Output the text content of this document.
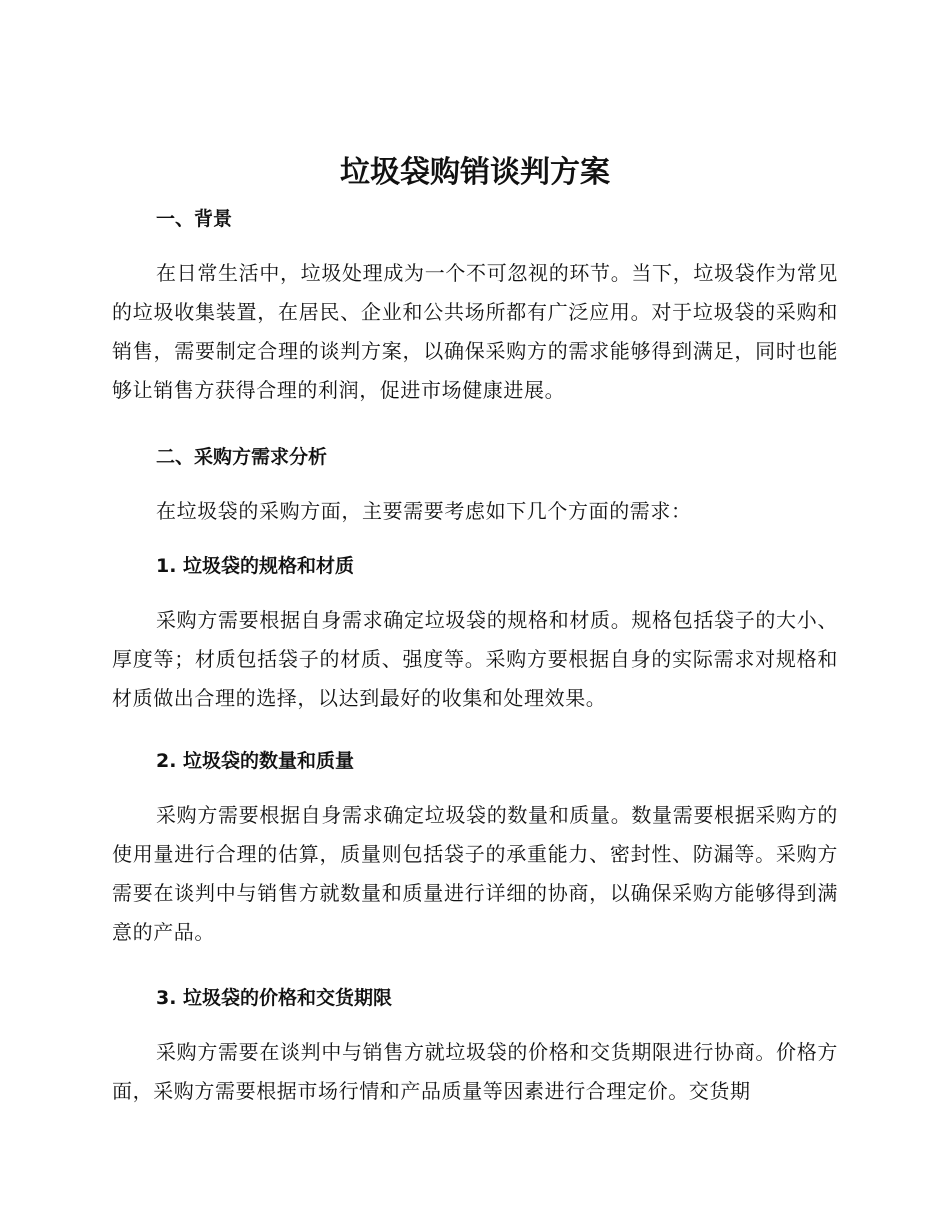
垃圾袋购销谈判方案
一、背景

在日常生活中，垃圾处理成为一个不可忽视的环节。当下，垃圾袋作为常见的垃圾收集装置，在居民、企业和公共场所都有广泛应用。对于垃圾袋的采购和销售，需要制定合理的谈判方案，以确保采购方的需求能够得到满足，同时也能够让销售方获得合理的利润，促进市场健康进展。

二、采购方需求分析

在垃圾袋的采购方面，主要需要考虑如下几个方面的需求：

1. 垃圾袋的规格和材质

采购方需要根据自身需求确定垃圾袋的规格和材质。规格包括袋子的大小、厚度等；材质包括袋子的材质、强度等。采购方要根据自身的实际需求对规格和材质做出合理的选择，以达到最好的收集和处理效果。

2. 垃圾袋的数量和质量

采购方需要根据自身需求确定垃圾袋的数量和质量。数量需要根据采购方的使用量进行合理的估算，质量则包括袋子的承重能力、密封性、防漏等。采购方需要在谈判中与销售方就数量和质量进行详细的协商，以确保采购方能够得到满意的产品。

3. 垃圾袋的价格和交货期限

采购方需要在谈判中与销售方就垃圾袋的价格和交货期限进行协商。价格方面，采购方需要根据市场行情和产品质量等因素进行合理定价。交货期
